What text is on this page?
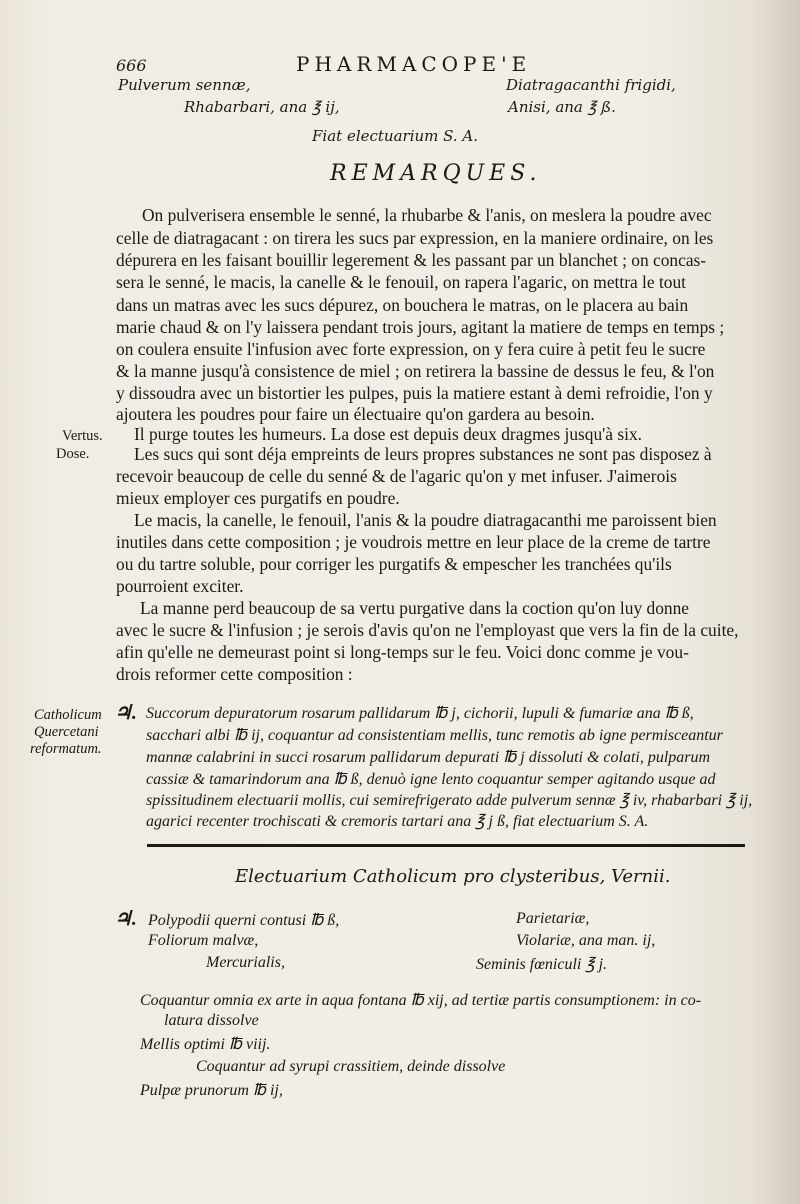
666	PHARMACOPE'E
Pulverum sennæ,
Rhabarbari, ana ℥ ij,
Diatragacanthi frigidi,
Anisi, ana ℥ ß.
Fiat electuarium S. A.
REMARQUES.
On pulverisera ensemble le senné, la rhubarbe & l'anis, on meslera la poudre avec
celle de diatragacant : on tirera les sucs par expression, en la maniere ordinaire, on les
dépurera en les faisant bouillir legerement & les passant par un blanchet ; on concas-
sera le senné, le macis, la canelle & le fenouil, on rapera l'agaric, on mettra le tout
dans un matras avec les sucs dépurez, on bouchera le matras, on le placera au bain
marie chaud & on l'y laissera pendant trois jours, agitant la matiere de temps en temps ;
on coulera ensuite l'infusion avec forte expression, on y fera cuire à petit feu le sucre
& la manne jusqu'à consistence de miel ; on retirera la bassine de dessus le feu, & l'on
y dissoudra avec un bistortier les pulpes, puis la matiere estant à demi refroidie, l'on y
ajoutera les poudres pour faire un électuaire qu'on gardera au besoin.
Il purge toutes les humeurs. La dose est depuis deux dragmes jusqu'à six.
Les sucs qui sont déja empreints de leurs propres substances ne sont pas disposez à
recevoir beaucoup de celle du senné & de l'agaric qu'on y met infuser. J'aimerois
mieux employer ces purgatifs en poudre.
Le macis, la canelle, le fenouil, l'anis & la poudre diatragacanthi me paroissent bien
inutiles dans cette composition ; je voudrois mettre en leur place de la creme de tartre
ou du tartre soluble, pour corriger les purgatifs & empescher les tranchées qu'ils
pourroient exciter.
La manne perd beaucoup de sa vertu purgative dans la coction qu'on luy donne
avec le sucre & l'infusion ; je serois d'avis qu'on ne l'employast que vers la fin de la cuite,
afin qu'elle ne demeurast point si long-temps sur le feu. Voici donc comme je vou-
drois reformer cette composition :
Vertus.
Dose.
Catholicum
Quercetani
reformatum.
♃. Succorum depuratorum rosarum pallidarum ℔ j, cichorii, lupuli & fumariæ ana ℔ ß,
sacchari albi ℔ ij, coquantur ad consistentiam mellis, tunc remotis ab igne permisceantur
mannæ calabrini in succi rosarum pallidarum depurati ℔ j dissoluti & colati, pulparum
cassiæ & tamarindorum ana ℔ ß, denuò igne lento coquantur semper agitando usque ad
spissitudinem electuarii mollis, cui semirefrigerato adde pulverum sennæ ℥ iv, rhabarbari ℥ ij,
agarici recenter trochiscati & cremoris tartari ana ℥ j ß, fiat electuarium S. A.
Electuarium Catholicum pro clysteribus, Vernii.
♃. Polypodii querni contusi ℔ ß,
Foliorum malvæ,
Mercurialis,
Parietariæ,
Violariæ, ana man. ij,
Seminis fœniculi ℥ j.
Coquantur omnia ex arte in aqua fontana ℔ xij, ad tertiæ partis consumptionem: in co-
latura dissolve
Mellis optimi ℔ viij.
Coquantur ad syrupi crassitiem, deinde dissolve
Pulpæ prunorum ℔ ij,
